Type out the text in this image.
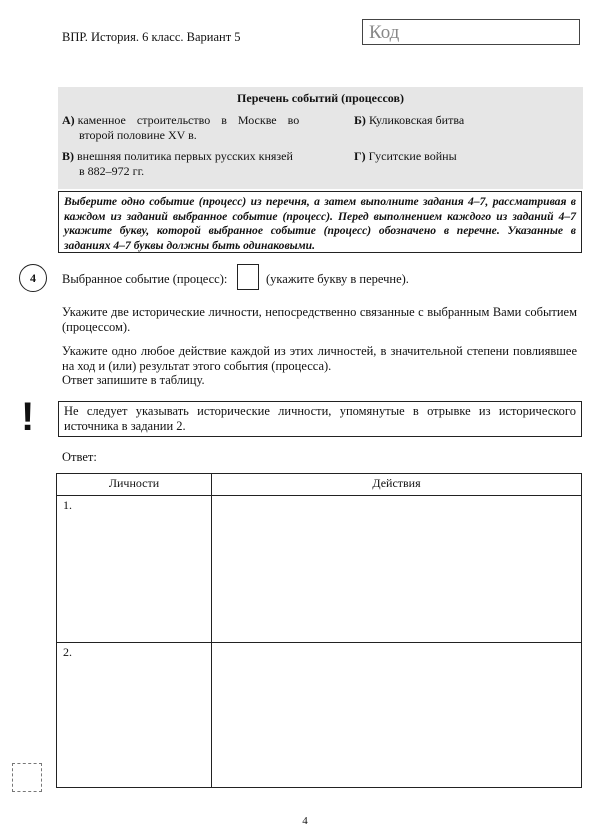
ВПР. История. 6 класс. Вариант 5	Код
Перечень событий (процессов)
А) каменное строительство в Москве во
второй половине XV в.
Б) Куликовская битва
В) внешняя политика первых русских князей
в 882–972 гг.
Г) Гуситские войны
Выберите одно событие (процесс) из перечня, а затем выполните задания 4–7, рассматривая в каждом из заданий выбранное событие (процесс). Перед выполнением каждого из заданий 4–7 укажите букву, которой выбранное событие (процесс) обозначено в перечне. Указанные в заданиях 4–7 буквы должны быть одинаковыми.
4	Выбранное событие (процесс):	(укажите букву в перечне).
Укажите две исторические личности, непосредственно связанные с выбранным Вами событием (процессом).
Укажите одно любое действие каждой из этих личностей, в значительной степени повлиявшее на ход и (или) результат этого события (процесса).
Ответ запишите в таблицу.
!	Не следует указывать исторические личности, упомянутые в отрывке из исторического источника в задании 2.
Ответ:
Личности	Действия
1.	
2.	
4
